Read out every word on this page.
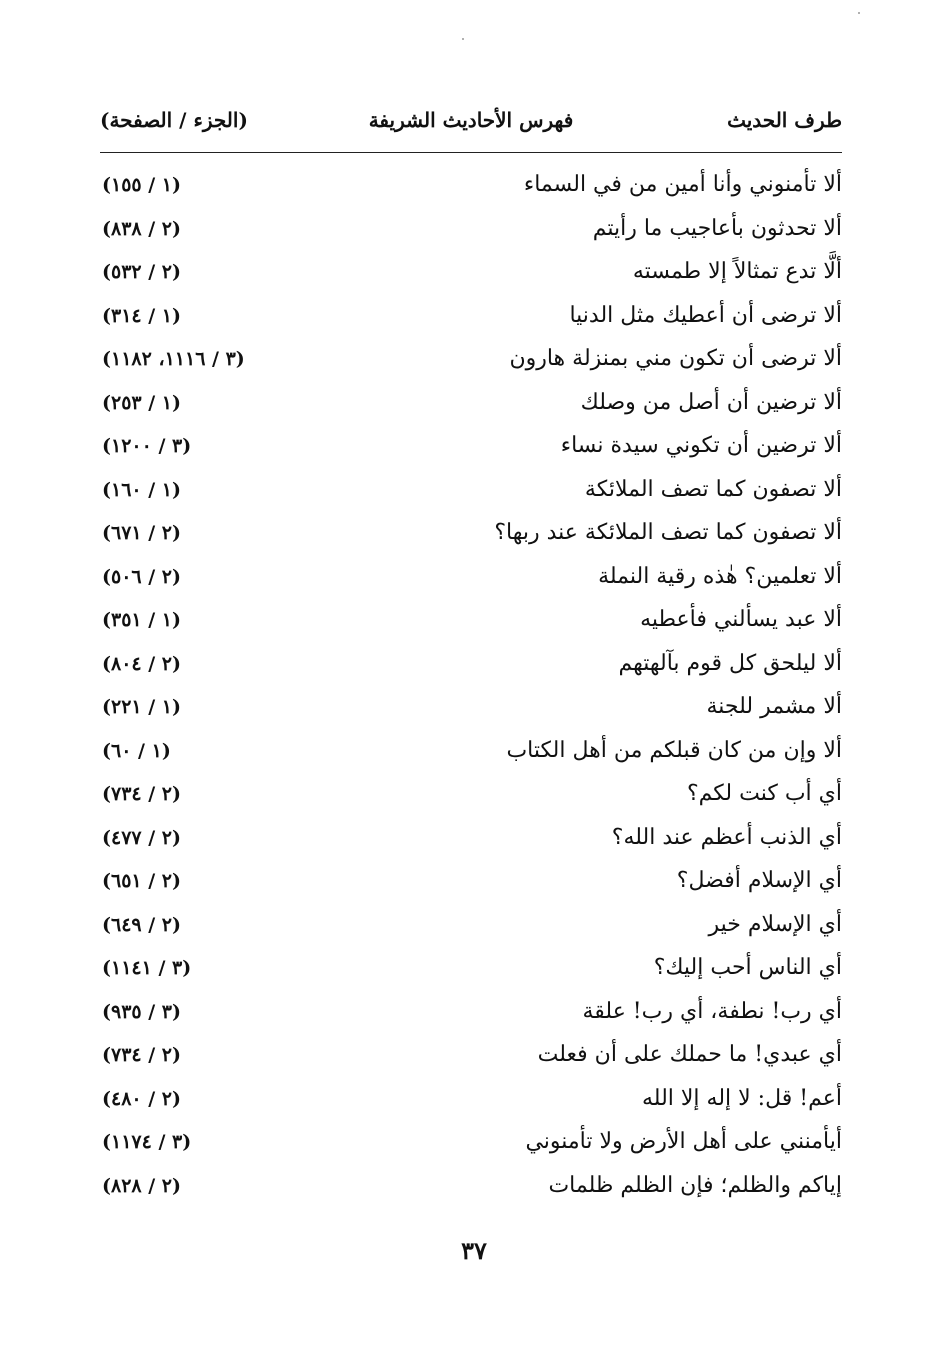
طرف الحديث
فهرس الأحاديث الشريفة
(الجزء / الصفحة)
ألا تأمنوني وأنا أمين من في السماء
(١ / ١٥٥)
ألا تحدثون بأعاجيب ما رأيتم
(٢ / ٨٣٨)
ألَّا تدع تمثالاً إلا طمسته
(٢ / ٥٣٢)
ألا ترضى أن أعطيك مثل الدنيا
(١ / ٣١٤)
ألا ترضى أن تكون مني بمنزلة هارون
(٣ / ١١١٦، ١١٨٢)
ألا ترضين أن أصل من وصلك
(١ / ٢٥٣)
ألا ترضين أن تكوني سيدة نساء
(٣ / ١٢٠٠)
ألا تصفون كما تصف الملائكة
(١ / ١٦٠)
ألا تصفون كما تصف الملائكة عند ربها؟
(٢ / ٦٧١)
ألا تعلمين؟ هٰذه رقية النملة
(٢ / ٥٠٦)
ألا عبد يسألني فأعطيه
(١ / ٣٥١)
ألا ليلحق كل قوم بآلهتهم
(٢ / ٨٠٤)
ألا مشمر للجنة
(١ / ٢٢١)
ألا وإن من كان قبلكم من أهل الكتاب
(١ / ٦٠)
أي أب كنت لكم؟
(٢ / ٧٣٤)
أي الذنب أعظم عند الله؟
(٢ / ٤٧٧)
أي الإسلام أفضل؟
(٢ / ٦٥١)
أي الإسلام خير
(٢ / ٦٤٩)
أي الناس أحب إليك؟
(٣ / ١١٤١)
أي رب! نطفة، أي رب! علقة
(٣ / ٩٣٥)
أي عبدي! ما حملك على أن فعلت
(٢ / ٧٣٤)
أعم! قل: لا إله إلا الله
(٢ / ٤٨٠)
أيأمنني على أهل الأرض ولا تأمنوني
(٣ / ١١٧٤)
إياكم والظلم؛ فإن الظلم ظلمات
(٢ / ٨٢٨)
٣٧
